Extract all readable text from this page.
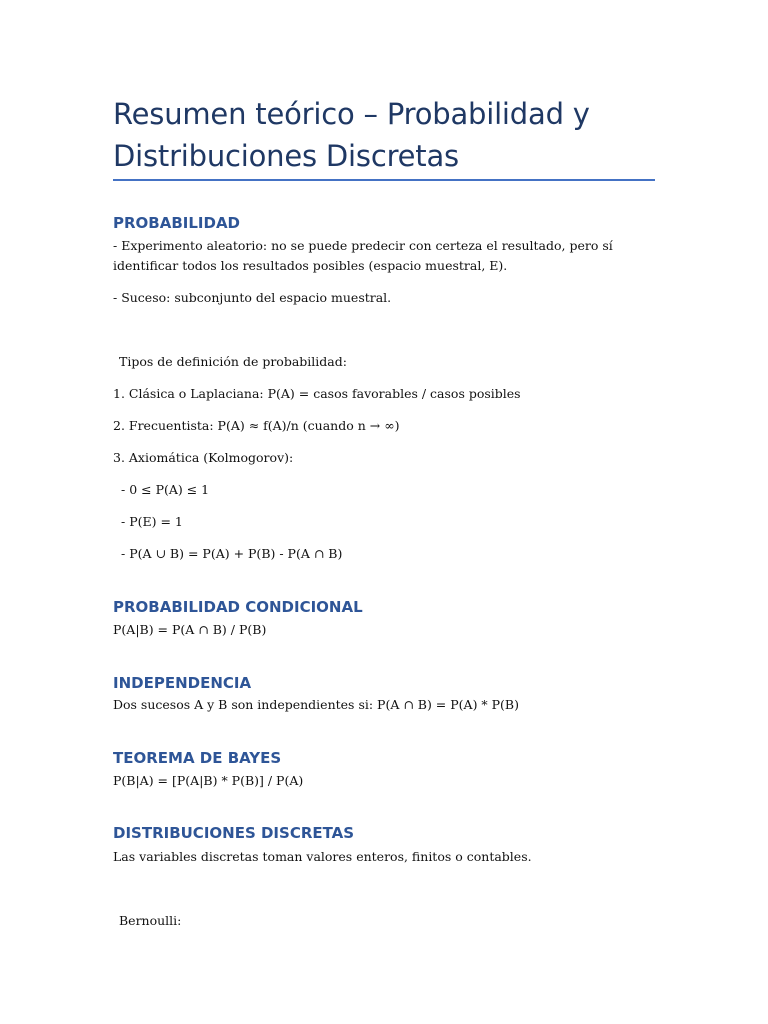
Resumen teórico – Probabilidad y Distribuciones Discretas
PROBABILIDAD
- Experimento aleatorio: no se puede predecir con certeza el resultado, pero sí identificar todos los resultados posibles (espacio muestral, E).
- Suceso: subconjunto del espacio muestral.
Tipos de definición de probabilidad:
1. Clásica o Laplaciana: P(A) = casos favorables / casos posibles
2. Frecuentista: P(A) ≈ f(A)/n (cuando n → ∞)
3. Axiomática (Kolmogorov):
- 0 ≤ P(A) ≤ 1
- P(E) = 1
- P(A ∪ B) = P(A) + P(B) - P(A ∩ B)
PROBABILIDAD CONDICIONAL
P(A|B) = P(A ∩ B) / P(B)
INDEPENDENCIA
Dos sucesos A y B son independientes si: P(A ∩ B) = P(A) * P(B)
TEOREMA DE BAYES
P(B|A) = [P(A|B) * P(B)] / P(A)
DISTRIBUCIONES DISCRETAS
Las variables discretas toman valores enteros, finitos o contables.
Bernoulli:
